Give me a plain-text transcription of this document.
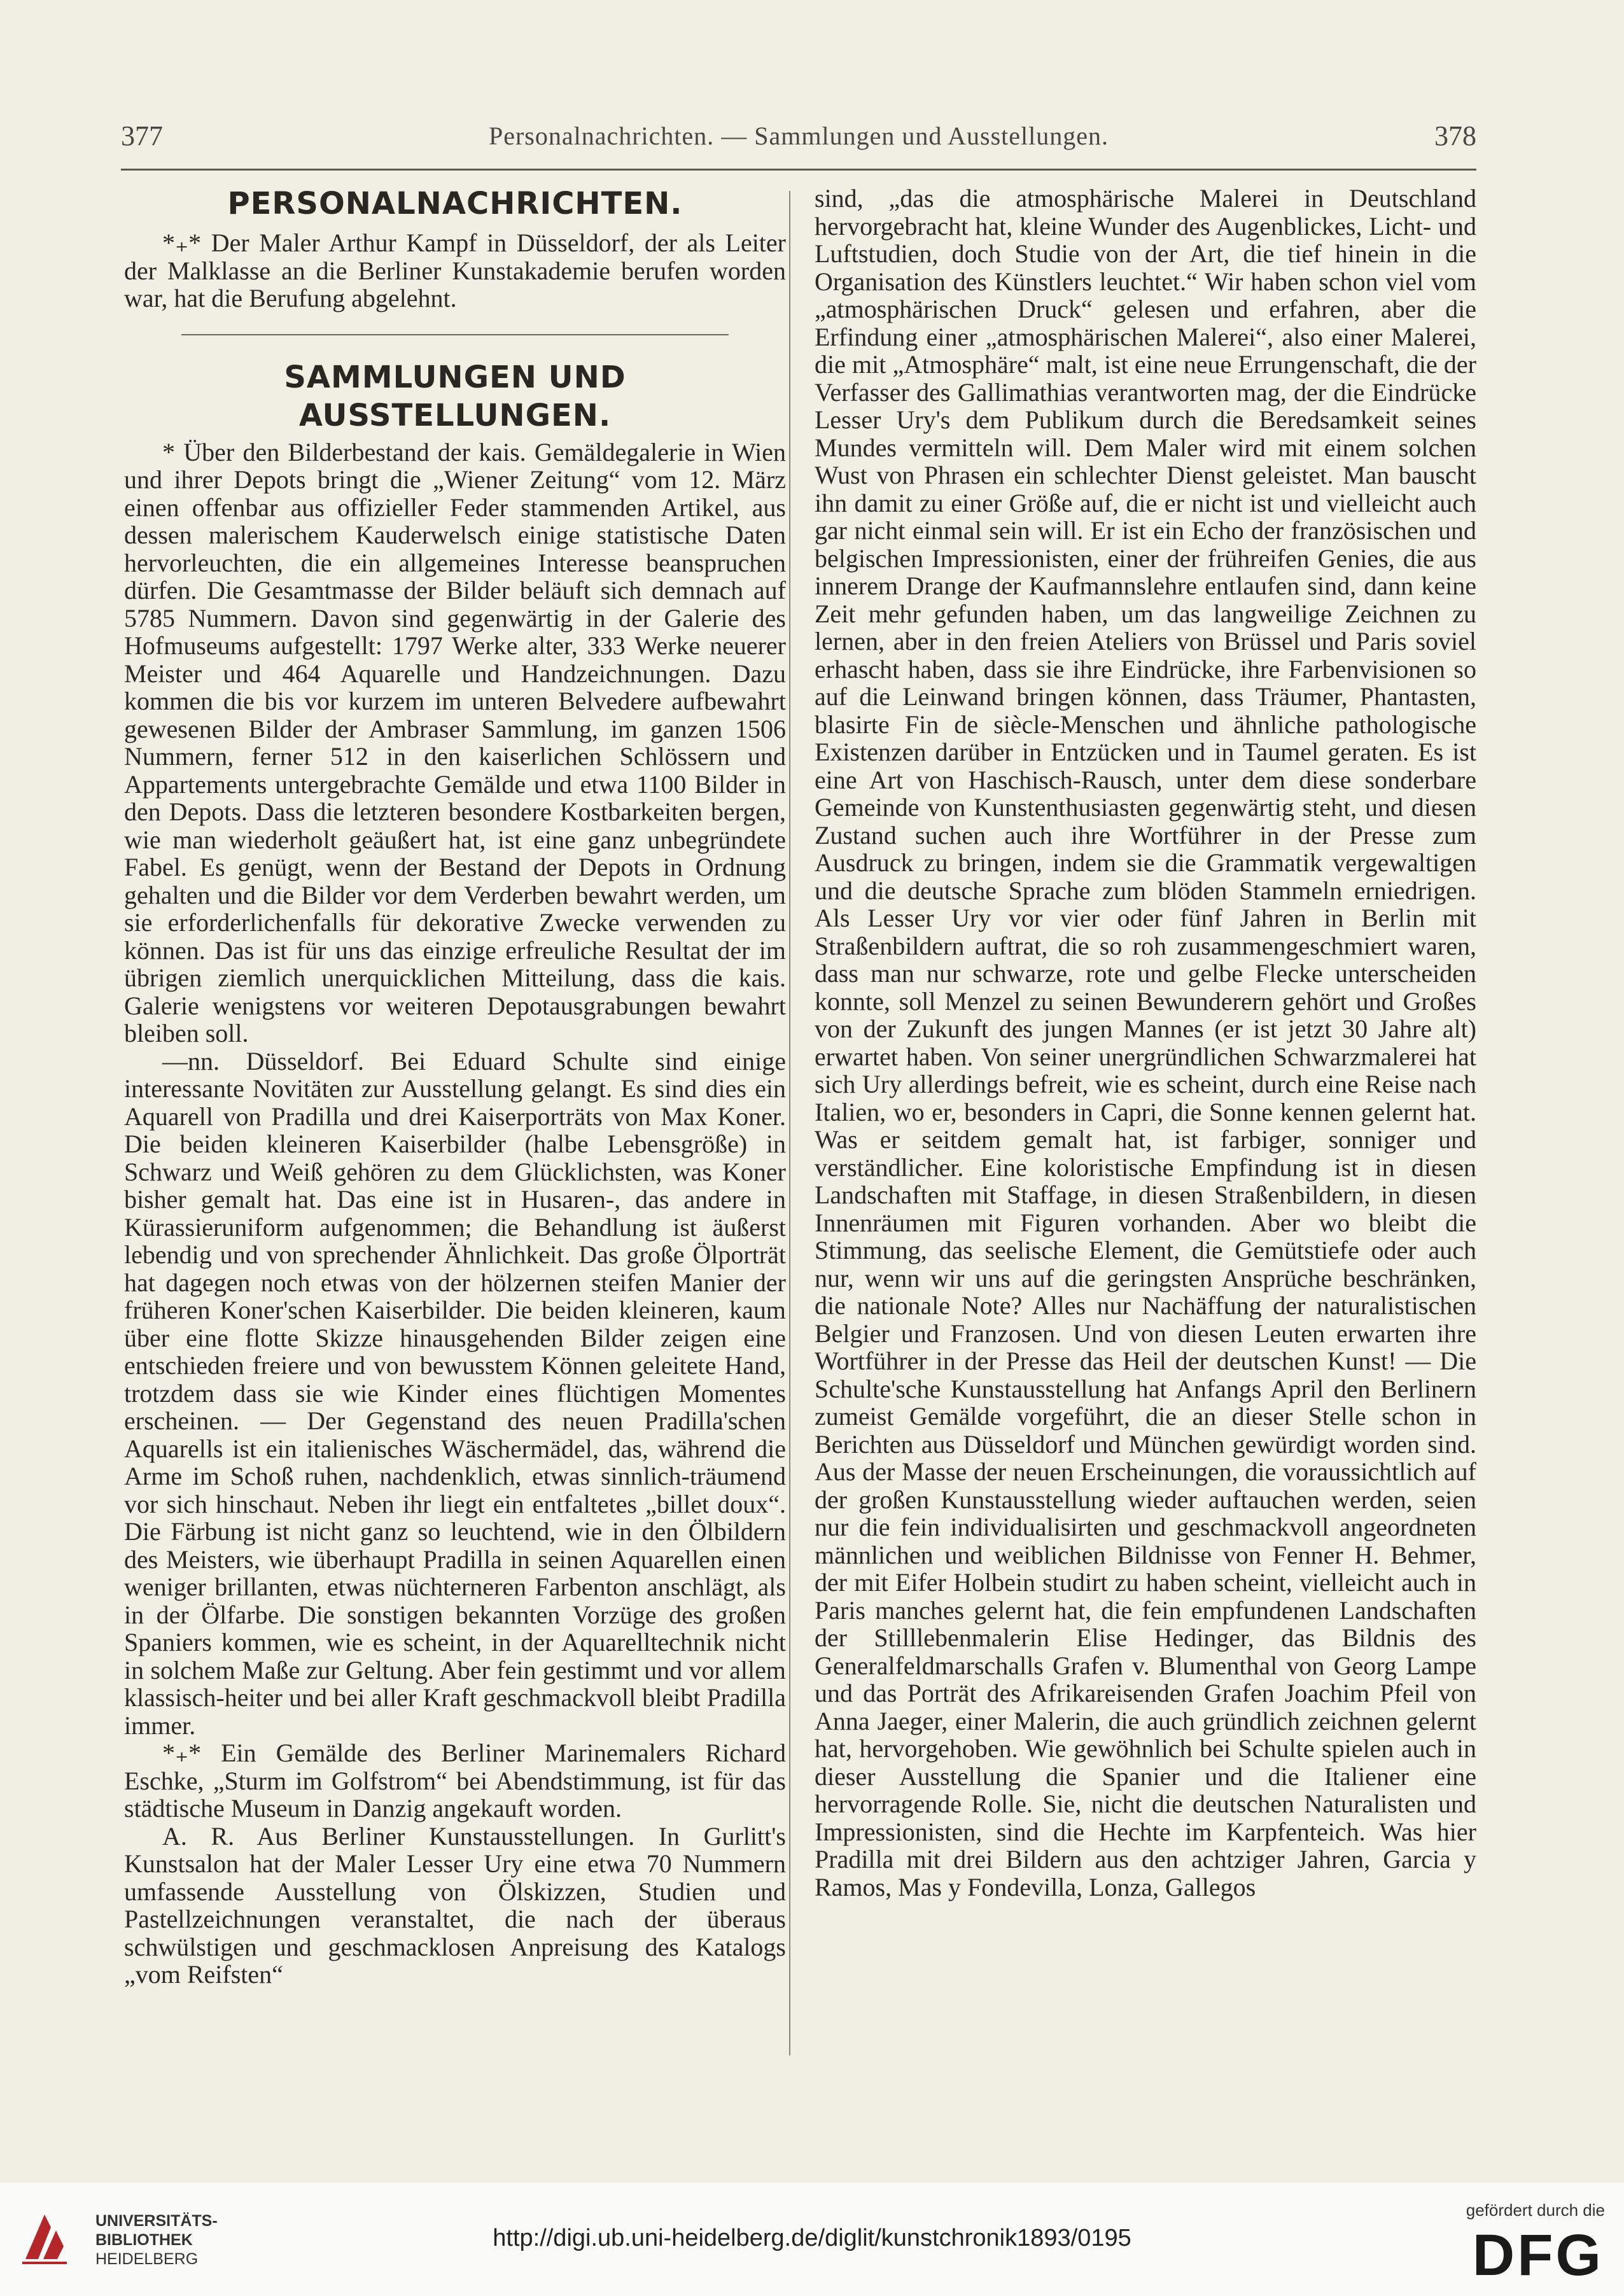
377	Personalnachrichten. — Sammlungen und Ausstellungen.	378
PERSONALNACHRICHTEN.

*₊* Der Maler Arthur Kampf in Düsseldorf, der als Leiter der Malklasse an die Berliner Kunstakademie berufen worden war, hat die Berufung abgelehnt.

SAMMLUNGEN UND AUSSTELLUNGEN.

* Über den Bilderbestand der kais. Gemäldegalerie in Wien und ihrer Depots bringt die „Wiener Zeitung“ vom 12. März einen offenbar aus offizieller Feder stammenden Artikel, aus dessen malerischem Kauderwelsch einige statistische Daten hervorleuchten, die ein allgemeines Interesse beanspruchen dürfen. Die Gesamtmasse der Bilder beläuft sich demnach auf 5785 Nummern. Davon sind gegenwärtig in der Galerie des Hofmuseums aufgestellt: 1797 Werke alter, 333 Werke neuerer Meister und 464 Aquarelle und Handzeichnungen. Dazu kommen die bis vor kurzem im unteren Belvedere aufbewahrt gewesenen Bilder der Ambraser Sammlung, im ganzen 1506 Nummern, ferner 512 in den kaiserlichen Schlössern und Appartements untergebrachte Gemälde und etwa 1100 Bilder in den Depots. Dass die letzteren besondere Kostbarkeiten bergen, wie man wiederholt geäußert hat, ist eine ganz unbegründete Fabel. Es genügt, wenn der Bestand der Depots in Ordnung gehalten und die Bilder vor dem Verderben bewahrt werden, um sie erforderlichenfalls für dekorative Zwecke verwenden zu können. Das ist für uns das einzige erfreuliche Resultat der im übrigen ziemlich unerquicklichen Mitteilung, dass die kais. Galerie wenigstens vor weiteren Depotausgrabungen bewahrt bleiben soll.

—nn. Düsseldorf. Bei Eduard Schulte sind einige interessante Novitäten zur Ausstellung gelangt. Es sind dies ein Aquarell von Pradilla und drei Kaiserporträts von Max Koner. Die beiden kleineren Kaiserbilder (halbe Lebensgröße) in Schwarz und Weiß gehören zu dem Glücklichsten, was Koner bisher gemalt hat. Das eine ist in Husaren-, das andere in Kürassieruniform aufgenommen; die Behandlung ist äußerst lebendig und von sprechender Ähnlichkeit. Das große Ölporträt hat dagegen noch etwas von der hölzernen steifen Manier der früheren Koner'schen Kaiserbilder. Die beiden kleineren, kaum über eine flotte Skizze hinausgehenden Bilder zeigen eine entschieden freiere und von bewusstem Können geleitete Hand, trotzdem dass sie wie Kinder eines flüchtigen Momentes erscheinen. — Der Gegenstand des neuen Pradilla'schen Aquarells ist ein italienisches Wäschermädel, das, während die Arme im Schoß ruhen, nachdenklich, etwas sinnlich-träumend vor sich hinschaut. Neben ihr liegt ein entfaltetes „billet doux“. Die Färbung ist nicht ganz so leuchtend, wie in den Ölbildern des Meisters, wie überhaupt Pradilla in seinen Aquarellen einen weniger brillanten, etwas nüchterneren Farbenton anschlägt, als in der Ölfarbe. Die sonstigen bekannten Vorzüge des großen Spaniers kommen, wie es scheint, in der Aquarelltechnik nicht in solchem Maße zur Geltung. Aber fein gestimmt und vor allem klassisch-heiter und bei aller Kraft geschmackvoll bleibt Pradilla immer.

*₊* Ein Gemälde des Berliner Marinemalers Richard Eschke, „Sturm im Golfstrom“ bei Abendstimmung, ist für das städtische Museum in Danzig angekauft worden.

A. R. Aus Berliner Kunstausstellungen. In Gurlitt's Kunstsalon hat der Maler Lesser Ury eine etwa 70 Nummern umfassende Ausstellung von Ölskizzen, Studien und Pastellzeichnungen veranstaltet, die nach der überaus schwülstigen und geschmacklosen Anpreisung des Katalogs „vom Reifsten“

sind, „das die atmosphärische Malerei in Deutschland hervorgebracht hat, kleine Wunder des Augenblickes, Licht- und Luftstudien, doch Studie von der Art, die tief hinein in die Organisation des Künstlers leuchtet.“ Wir haben schon viel vom „atmosphärischen Druck“ gelesen und erfahren, aber die Erfindung einer „atmosphärischen Malerei“, also einer Malerei, die mit „Atmosphäre“ malt, ist eine neue Errungenschaft, die der Verfasser des Gallimathias verantworten mag, der die Eindrücke Lesser Ury's dem Publikum durch die Beredsamkeit seines Mundes vermitteln will. Dem Maler wird mit einem solchen Wust von Phrasen ein schlechter Dienst geleistet. Man bauscht ihn damit zu einer Größe auf, die er nicht ist und vielleicht auch gar nicht einmal sein will. Er ist ein Echo der französischen und belgischen Impressionisten, einer der frühreifen Genies, die aus innerem Drange der Kaufmannslehre entlaufen sind, dann keine Zeit mehr gefunden haben, um das langweilige Zeichnen zu lernen, aber in den freien Ateliers von Brüssel und Paris soviel erhascht haben, dass sie ihre Eindrücke, ihre Farbenvisionen so auf die Leinwand bringen können, dass Träumer, Phantasten, blasirte Fin de siècle-Menschen und ähnliche pathologische Existenzen darüber in Entzücken und in Taumel geraten. Es ist eine Art von Haschisch-Rausch, unter dem diese sonderbare Gemeinde von Kunstenthusiasten gegenwärtig steht, und diesen Zustand suchen auch ihre Wortführer in der Presse zum Ausdruck zu bringen, indem sie die Grammatik vergewaltigen und die deutsche Sprache zum blöden Stammeln erniedrigen. Als Lesser Ury vor vier oder fünf Jahren in Berlin mit Straßenbildern auftrat, die so roh zusammengeschmiert waren, dass man nur schwarze, rote und gelbe Flecke unterscheiden konnte, soll Menzel zu seinen Bewunderern gehört und Großes von der Zukunft des jungen Mannes (er ist jetzt 30 Jahre alt) erwartet haben. Von seiner unergründlichen Schwarzmalerei hat sich Ury allerdings befreit, wie es scheint, durch eine Reise nach Italien, wo er, besonders in Capri, die Sonne kennen gelernt hat. Was er seitdem gemalt hat, ist farbiger, sonniger und verständlicher. Eine koloristische Empfindung ist in diesen Landschaften mit Staffage, in diesen Straßenbildern, in diesen Innenräumen mit Figuren vorhanden. Aber wo bleibt die Stimmung, das seelische Element, die Gemütstiefe oder auch nur, wenn wir uns auf die geringsten Ansprüche beschränken, die nationale Note? Alles nur Nachäffung der naturalistischen Belgier und Franzosen. Und von diesen Leuten erwarten ihre Wortführer in der Presse das Heil der deutschen Kunst! — Die Schulte'sche Kunstausstellung hat Anfangs April den Berlinern zumeist Gemälde vorgeführt, die an dieser Stelle schon in Berichten aus Düsseldorf und München gewürdigt worden sind. Aus der Masse der neuen Erscheinungen, die voraussichtlich auf der großen Kunstausstellung wieder auftauchen werden, seien nur die fein individualisirten und geschmackvoll angeordneten männlichen und weiblichen Bildnisse von Fenner H. Behmer, der mit Eifer Holbein studirt zu haben scheint, vielleicht auch in Paris manches gelernt hat, die fein empfundenen Landschaften der Stilllebenmalerin Elise Hedinger, das Bildnis des Generalfeldmarschalls Grafen v. Blumenthal von Georg Lampe und das Porträt des Afrikareisenden Grafen Joachim Pfeil von Anna Jaeger, einer Malerin, die auch gründlich zeichnen gelernt hat, hervorgehoben. Wie gewöhnlich bei Schulte spielen auch in dieser Ausstellung die Spanier und die Italiener eine hervorragende Rolle. Sie, nicht die deutschen Naturalisten und Impressionisten, sind die Hechte im Karpfenteich. Was hier Pradilla mit drei Bildern aus den achtziger Jahren, Garcia y Ramos, Mas y Fondevilla, Lonza, Gallegos

UNIVERSITÄTS-
BIBLIOTHEK
HEIDELBERG
http://digi.ub.uni-heidelberg.de/diglit/kunstchronik1893/0195
gefördert durch die
DFG
